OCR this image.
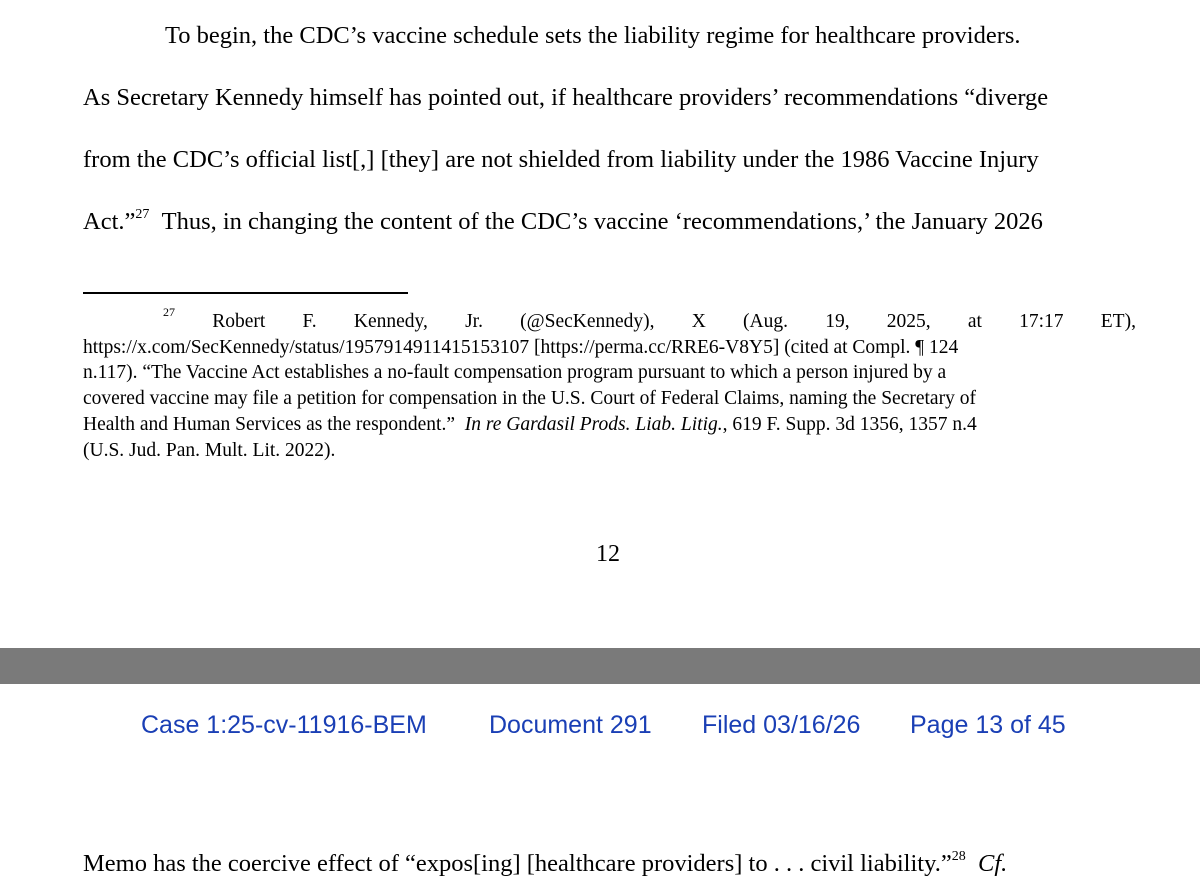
To begin, the CDC’s vaccine schedule sets the liability regime for healthcare providers.
As Secretary Kennedy himself has pointed out, if healthcare providers’ recommendations “diverge
from the CDC’s official list[,] [they] are not shielded from liability under the 1986 Vaccine Injury
Act.”$^{27}$ Thus, in changing the content of the CDC’s vaccine ‘recommendations,’ the January 2026
27 Robert F. Kennedy, Jr. (@SecKennedy), X (Aug. 19, 2025, at 17:17 ET),
https://x.com/SecKennedy/status/1957914911415153107 [https://perma.cc/RRE6-V8Y5] (cited at Compl. ¶ 124
n.117). “The Vaccine Act establishes a no-fault compensation program pursuant to which a person injured by a
covered vaccine may file a petition for compensation in the U.S. Court of Federal Claims, naming the Secretary of
Health and Human Services as the respondent.” In re Gardasil Prods. Liab. Litig., 619 F. Supp. 3d 1356, 1357 n.4
(U.S. Jud. Pan. Mult. Lit. 2022).
12
Case 1:25-cv-11916-BEM Document 291 Filed 03/16/26 Page 13 of 45
Memo has the coercive effect of “expos[ing] [healthcare providers] to . . . civil liability.”$^{28}$ Cf.
